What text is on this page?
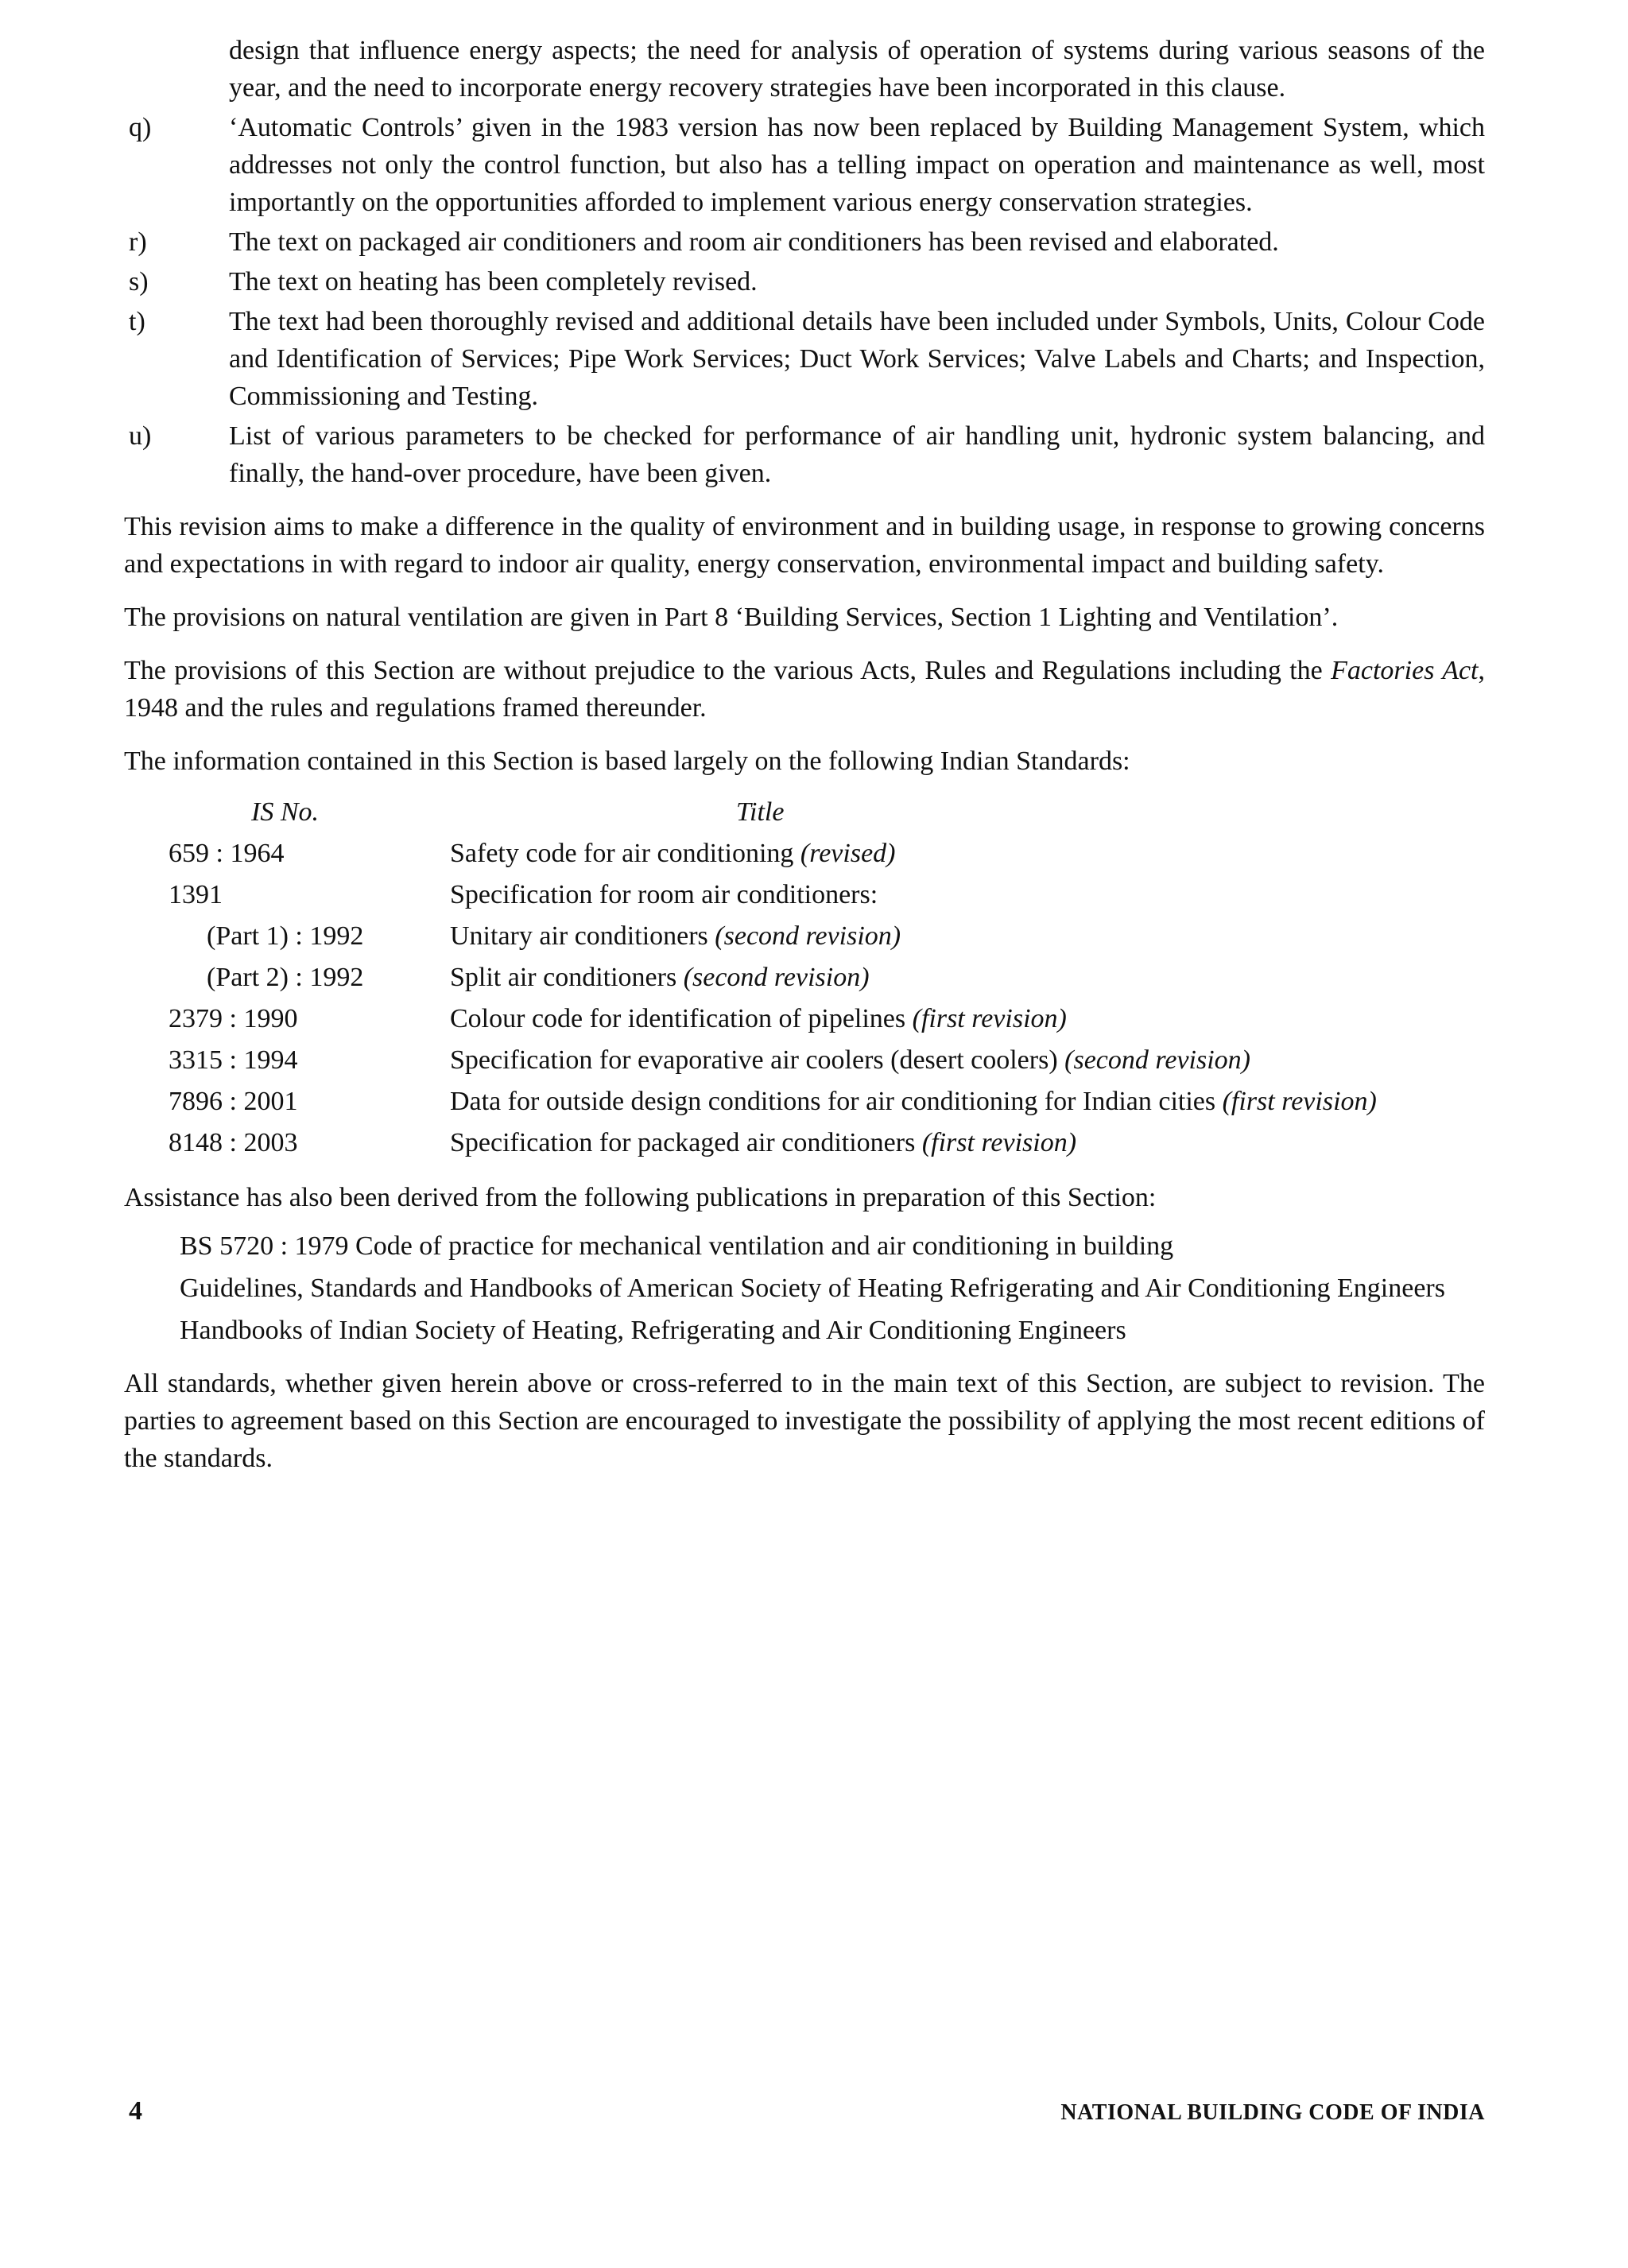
design that influence energy aspects; the need for analysis of operation of systems during various seasons of the year, and the need to incorporate energy recovery strategies have been incorporated in this clause.
q)	‘Automatic Controls’ given in the 1983 version has now been replaced by Building Management System, which addresses not only the control function, but also has a telling impact on operation and maintenance as well, most importantly on the opportunities afforded to implement various energy conservation strategies.
r)	The text on packaged air conditioners and room air conditioners has been revised and elaborated.
s)	The text on heating has been completely revised.
t)	The text had been thoroughly revised and additional details have been included under Symbols, Units, Colour Code and Identification of Services; Pipe Work Services; Duct Work Services; Valve Labels and Charts; and Inspection, Commissioning and Testing.
u)	List of various parameters to be checked for performance of air handling unit, hydronic system balancing, and finally, the hand-over procedure, have been given.

This revision aims to make a difference in the quality of environment and in building usage, in response to growing concerns and expectations in with regard to indoor air quality, energy conservation, environmental impact and building safety.

The provisions on natural ventilation are given in Part 8 ‘Building Services, Section 1 Lighting and Ventilation’.

The provisions of this Section are without prejudice to the various Acts, Rules and Regulations including the Factories Act, 1948 and the rules and regulations framed thereunder.

The information contained in this Section is based largely on the following Indian Standards:

IS No.	Title
659 : 1964	Safety code for air conditioning (revised)
1391	Specification for room air conditioners:
(Part 1) : 1992	Unitary air conditioners (second revision)
(Part 2) : 1992	Split air conditioners (second revision)
2379 : 1990	Colour code for identification of pipelines (first revision)
3315 : 1994	Specification for evaporative air coolers (desert coolers) (second revision)
7896 : 2001	Data for outside design conditions for air conditioning for Indian cities (first revision)
8148 : 2003	Specification for packaged air conditioners (first revision)

Assistance has also been derived from the following publications in preparation of this Section:

BS 5720 : 1979 Code of practice for mechanical ventilation and air conditioning in building
Guidelines, Standards and Handbooks of American Society of Heating Refrigerating and Air Conditioning Engineers
Handbooks of Indian Society of Heating, Refrigerating and Air Conditioning Engineers

All standards, whether given herein above or cross-referred to in the main text of this Section, are subject to revision. The parties to agreement based on this Section are encouraged to investigate the possibility of applying the most recent editions of the standards.

4	NATIONAL BUILDING CODE OF INDIA
